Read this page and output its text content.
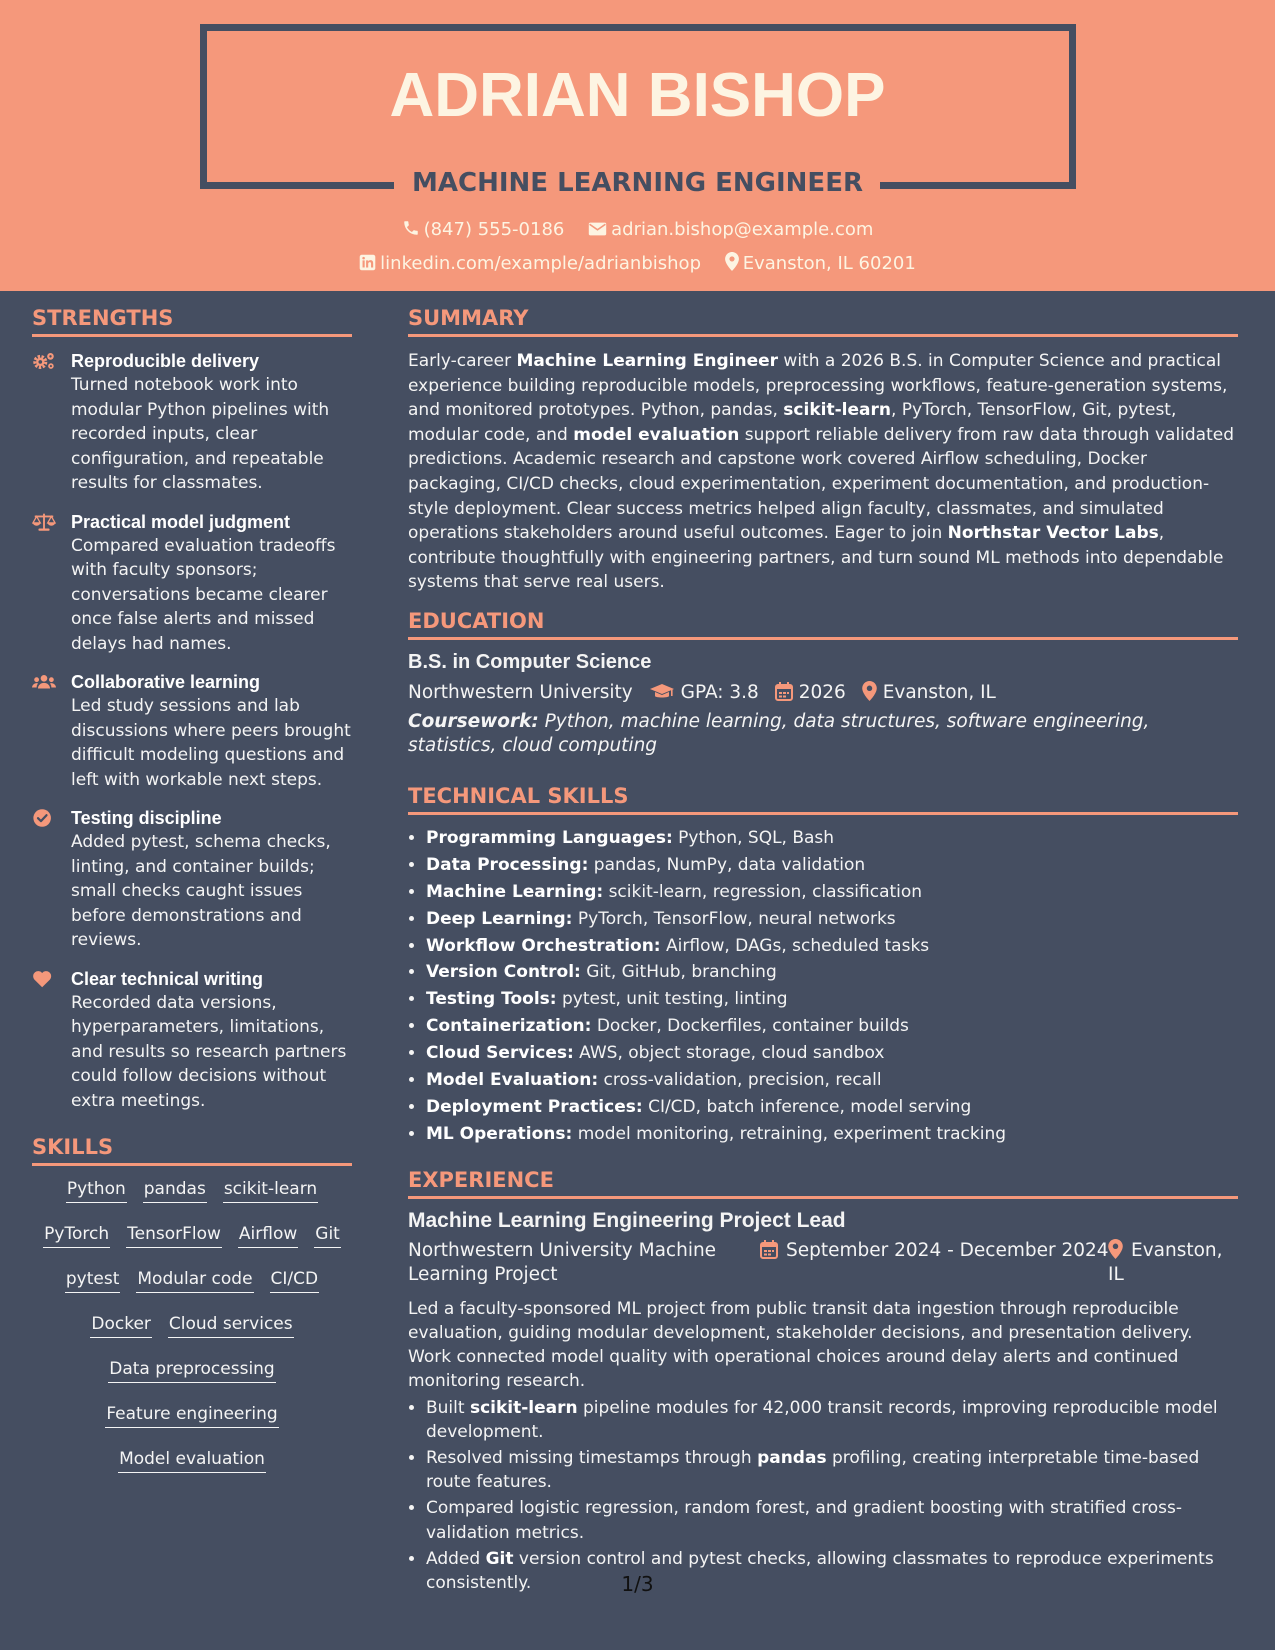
ADRIAN BISHOP
MACHINE LEARNING ENGINEER
(847) 555-0186	adrian.bishop@example.com
linkedin.com/example/adrianbishop Evanston, IL 60201
STRENGTHS
Reproducible delivery
Turned notebook work into modular Python pipelines with recorded inputs, clear configuration, and repeatable results for classmates.
Practical model judgment
Compared evaluation tradeoffs with faculty sponsors; conversations became clearer once false alerts and missed delays had names.
Collaborative learning
Led study sessions and lab discussions where peers brought difficult modeling questions and left with workable next steps.
Testing discipline
Added pytest, schema checks, linting, and container builds; small checks caught issues before demonstrations and reviews.
Clear technical writing
Recorded data versions, hyperparameters, limitations, and results so research partners could follow decisions without extra meetings.
SKILLS
Python pandas scikit-learn
PyTorch TensorFlow Airflow Git
pytest Modular code CI/CD
Docker Cloud services
Data preprocessing
Feature engineering
Model evaluation
SUMMARY
Early-career Machine Learning Engineer with a 2026 B.S. in Computer Science and practical experience building reproducible models, preprocessing workflows, feature-generation systems, and monitored prototypes. Python, pandas, scikit-learn, PyTorch, TensorFlow, Git, pytest, modular code, and model evaluation support reliable delivery from raw data through validated predictions. Academic research and capstone work covered Airflow scheduling, Docker packaging, CI/CD checks, cloud experimentation, experiment documentation, and production-style deployment. Clear success metrics helped align faculty, classmates, and simulated operations stakeholders around useful outcomes. Eager to join Northstar Vector Labs, contribute thoughtfully with engineering partners, and turn sound ML methods into dependable systems that serve real users.
EDUCATION
B.S. in Computer Science
Northwestern University	GPA: 3.8 2026 Evanston, IL
Coursework: Python, machine learning, data structures, software engineering, statistics, cloud computing
TECHNICAL SKILLS
• Programming Languages: Python, SQL, Bash
• Data Processing: pandas, NumPy, data validation
• Machine Learning: scikit-learn, regression, classification
• Deep Learning: PyTorch, TensorFlow, neural networks
• Workflow Orchestration: Airflow, DAGs, scheduled tasks
• Version Control: Git, GitHub, branching
• Testing Tools: pytest, unit testing, linting
• Containerization: Docker, Dockerfiles, container builds
• Cloud Services: AWS, object storage, cloud sandbox
• Model Evaluation: cross-validation, precision, recall
• Deployment Practices: CI/CD, batch inference, model serving
• ML Operations: model monitoring, retraining, experiment tracking
EXPERIENCE
Machine Learning Engineering Project Lead
Northwestern University Machine Learning Project
September 2024 - December 2024	Evanston, IL
Led a faculty-sponsored ML project from public transit data ingestion through reproducible evaluation, guiding modular development, stakeholder decisions, and presentation delivery. Work connected model quality with operational choices around delay alerts and continued monitoring research.
• Built scikit-learn pipeline modules for 42,000 transit records, improving reproducible model development.
• Resolved missing timestamps through pandas profiling, creating interpretable time-based route features.
• Compared logistic regression, random forest, and gradient boosting with stratified cross-validation metrics.
• Added Git version control and pytest checks, allowing classmates to reproduce experiments consistently.	1/3
